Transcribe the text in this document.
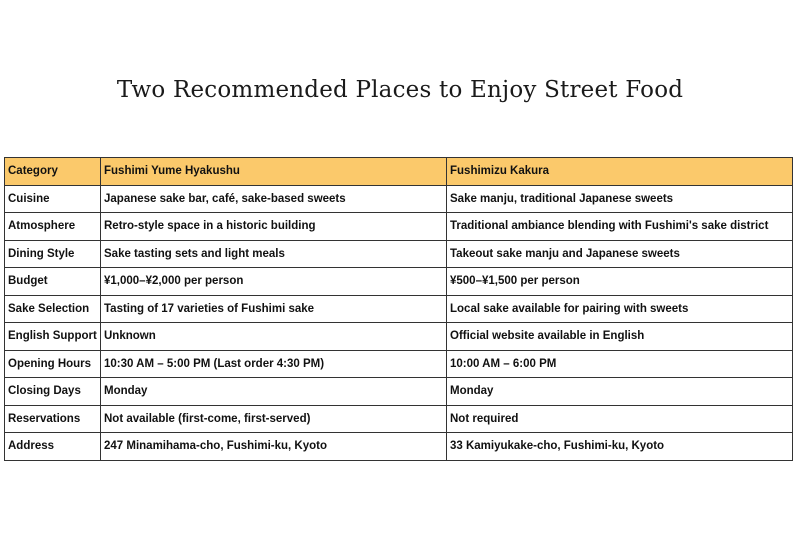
Two Recommended Places to Enjoy Street Food
Category	Fushimi Yume Hyakushu	Fushimizu Kakura
Cuisine	Japanese sake bar, café, sake-based sweets	Sake manju, traditional Japanese sweets
Atmosphere	Retro-style space in a historic building	Traditional ambiance blending with Fushimi's sake district
Dining Style	Sake tasting sets and light meals	Takeout sake manju and Japanese sweets
Budget	¥1,000–¥2,000 per person	¥500–¥1,500 per person
Sake Selection	Tasting of 17 varieties of Fushimi sake	Local sake available for pairing with sweets
English Support	Unknown	Official website available in English
Opening Hours	10:30 AM – 5:00 PM (Last order 4:30 PM)	10:00 AM – 6:00 PM
Closing Days	Monday	Monday
Reservations	Not available (first-come, first-served)	Not required
Address	247 Minamihama-cho, Fushimi-ku, Kyoto	33 Kamiyukake-cho, Fushimi-ku, Kyoto
